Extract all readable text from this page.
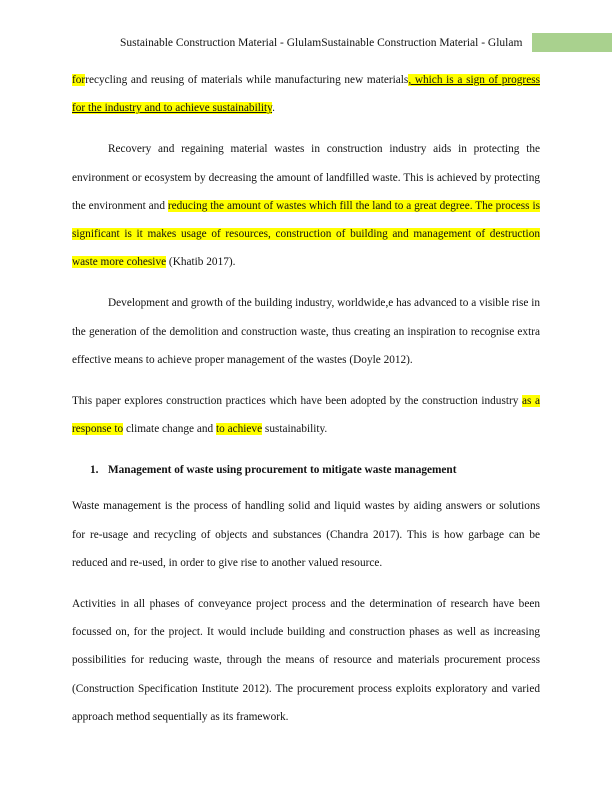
Sustainable Construction Material - GlulamSustainable Construction Material - Glulam

forrecycling and reusing of materials while manufacturing new materials, which is a sign of progress for the industry and to achieve sustainability.

Recovery and regaining material wastes in construction industry aids in protecting the environment or ecosystem by decreasing the amount of landfilled waste. This is achieved by protecting the environment and reducing the amount of wastes which fill the land to a great degree. The process is significant is it makes usage of resources, construction of building and management of destruction waste more cohesive (Khatib 2017).

Development and growth of the building industry, worldwide,e has advanced to a visible rise in the generation of the demolition and construction waste, thus creating an inspiration to recognise extra effective means to achieve proper management of the wastes (Doyle 2012).

This paper explores construction practices which have been adopted by the construction industry as a response to climate change and to achieve sustainability.

1. Management of waste using procurement to mitigate waste management

Waste management is the process of handling solid and liquid wastes by aiding answers or solutions for re-usage and recycling of objects and substances (Chandra 2017). This is how garbage can be reduced and re-used, in order to give rise to another valued resource.

Activities in all phases of conveyance project process and the determination of research have been focussed on, for the project. It would include building and construction phases as well as increasing possibilities for reducing waste, through the means of resource and materials procurement process (Construction Specification Institute 2012). The procurement process exploits exploratory and varied approach method sequentially as its framework.
